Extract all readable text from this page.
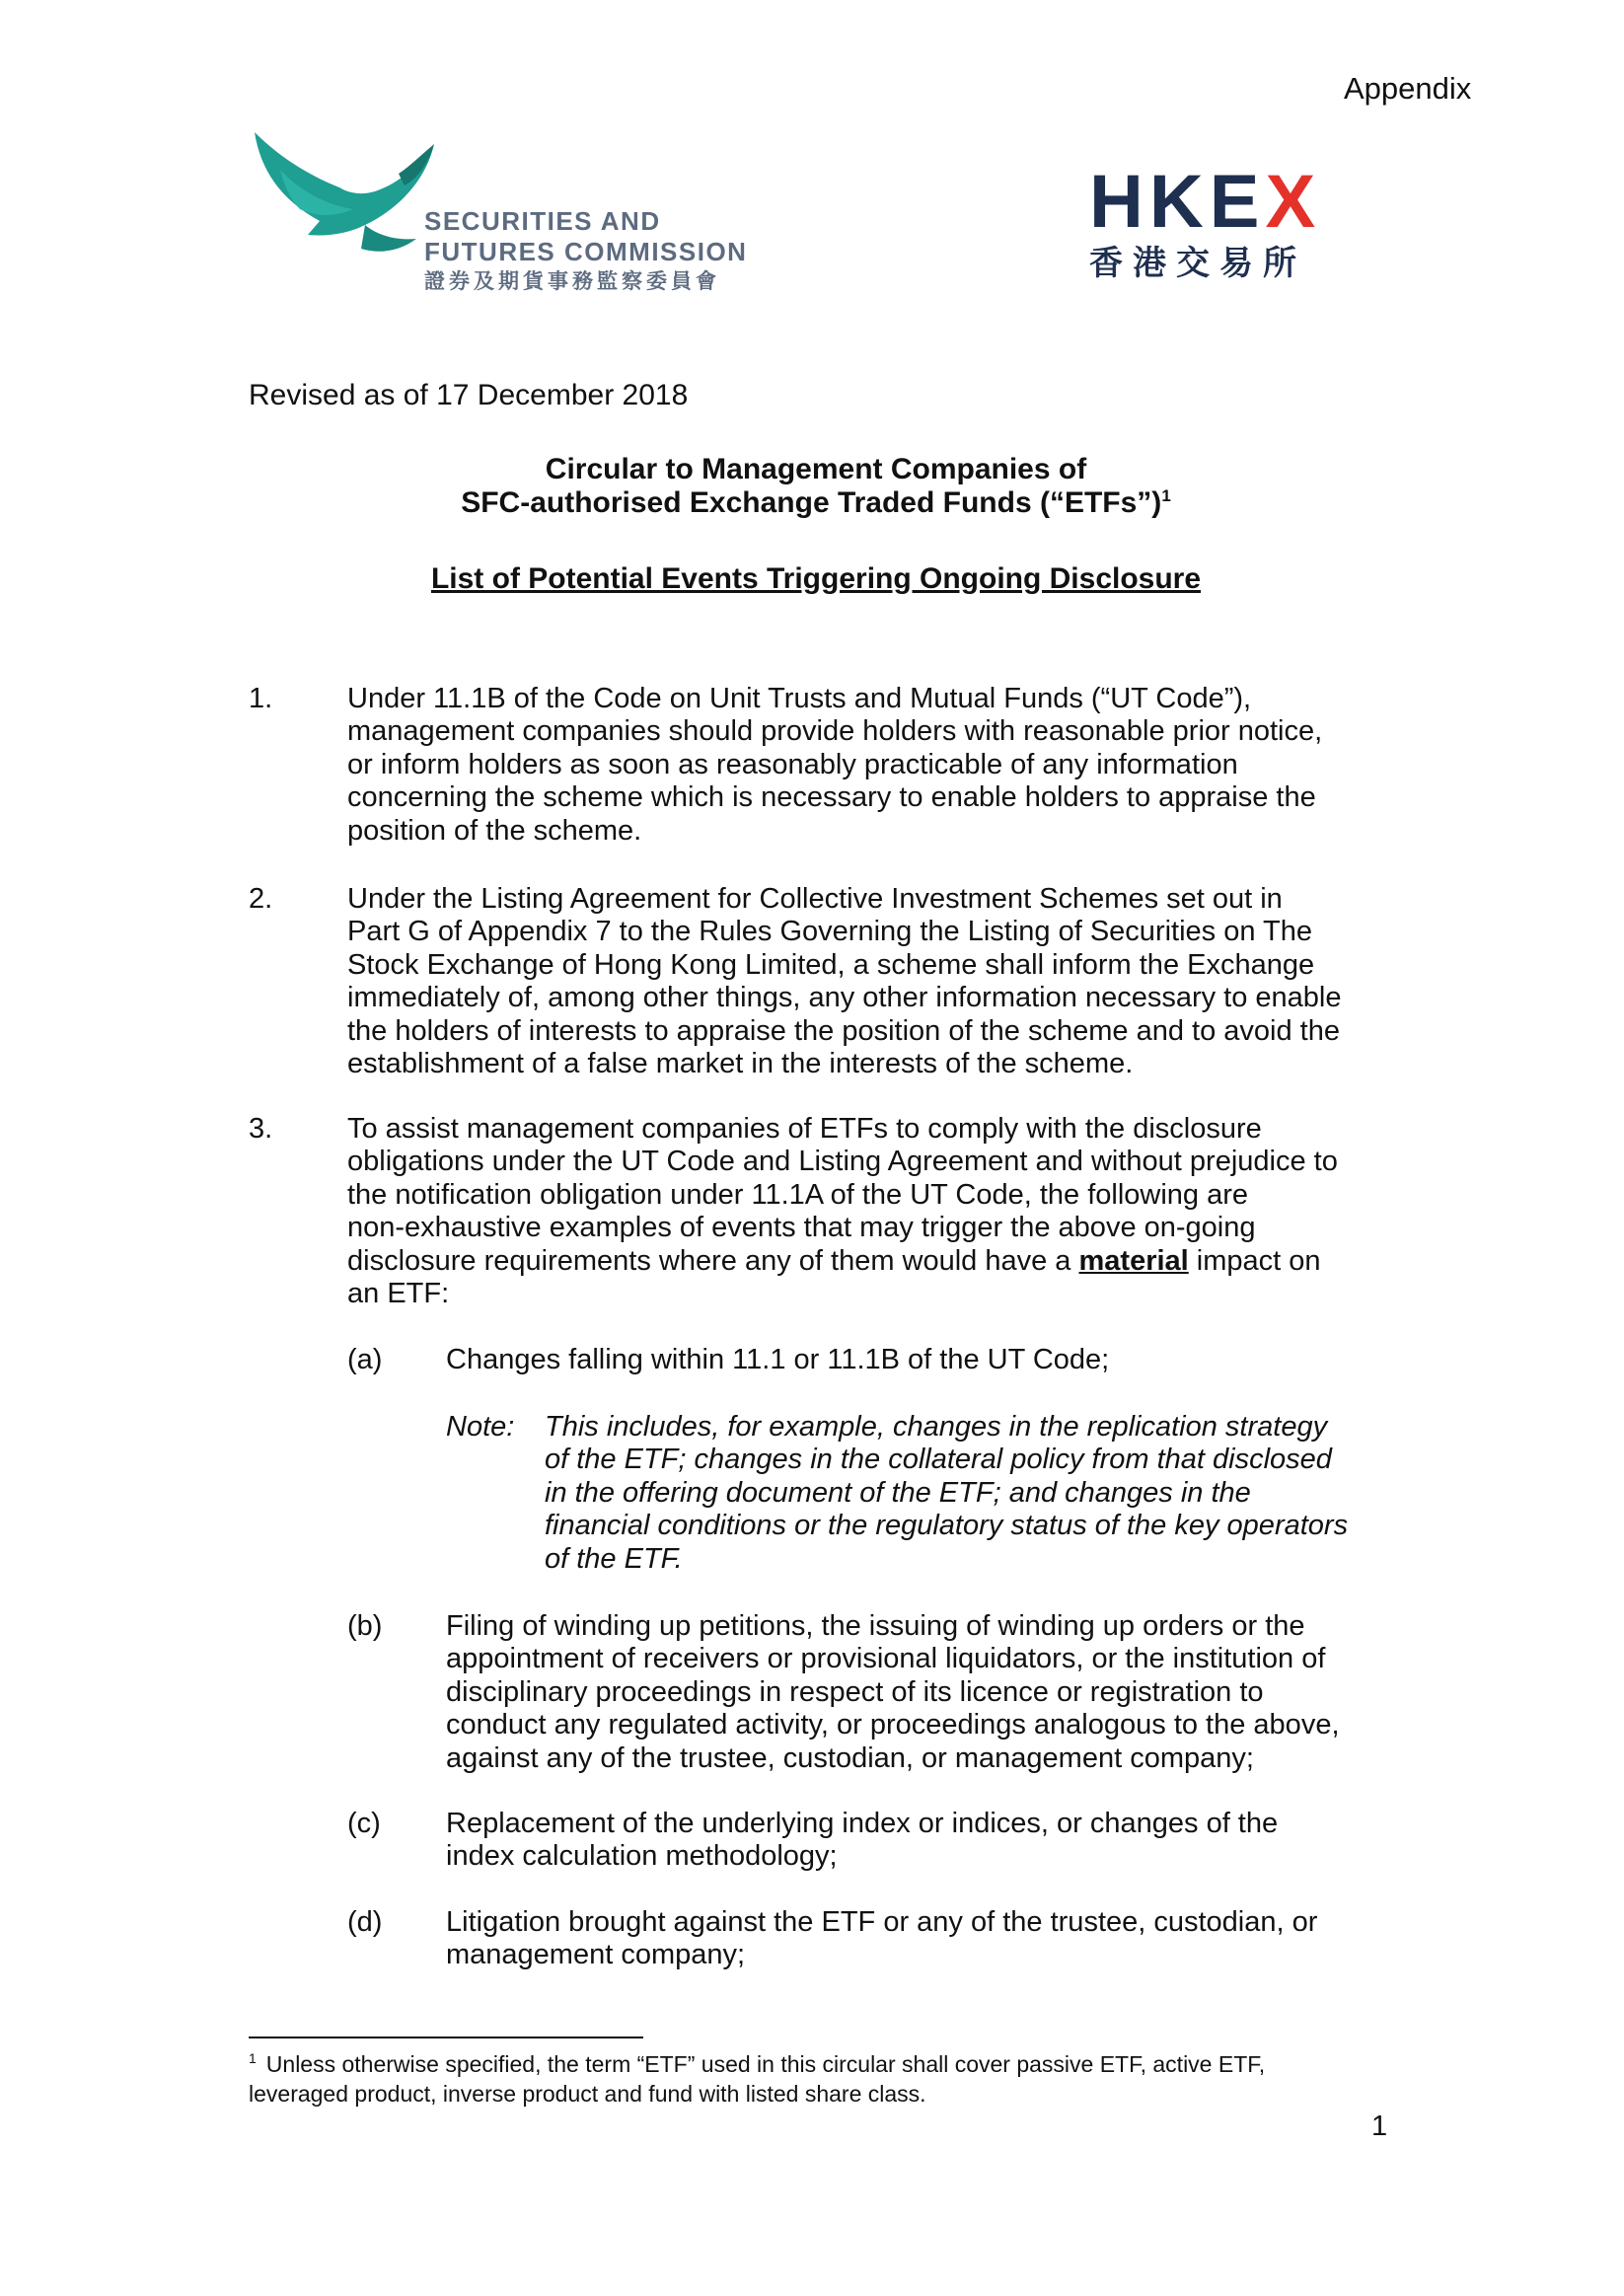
Appendix
SECURITIES AND
FUTURES COMMISSION
證券及期貨事務監察委員會
HKEX
香港交易所
Revised as of 17 December 2018
Circular to Management Companies of
SFC-authorised Exchange Traded Funds (“ETFs”)$^1$
List of Potential Events Triggering Ongoing Disclosure
1.	Under 11.1B of the Code on Unit Trusts and Mutual Funds (“UT Code”),
management companies should provide holders with reasonable prior notice,
or inform holders as soon as reasonably practicable of any information
concerning the scheme which is necessary to enable holders to appraise the
position of the scheme.
2.	Under the Listing Agreement for Collective Investment Schemes set out in
Part G of Appendix 7 to the Rules Governing the Listing of Securities on The
Stock Exchange of Hong Kong Limited, a scheme shall inform the Exchange
immediately of, among other things, any other information necessary to enable
the holders of interests to appraise the position of the scheme and to avoid the
establishment of a false market in the interests of the scheme.
3.	To assist management companies of ETFs to comply with the disclosure
obligations under the UT Code and Listing Agreement and without prejudice to
the notification obligation under 11.1A of the UT Code, the following are
non-exhaustive examples of events that may trigger the above on-going
disclosure requirements where any of them would have a material impact on
an ETF:
(a) Changes falling within 11.1 or 11.1B of the UT Code;
Note: This includes, for example, changes in the replication strategy
of the ETF; changes in the collateral policy from that disclosed
in the offering document of the ETF; and changes in the
financial conditions or the regulatory status of the key operators
of the ETF.
(b) Filing of winding up petitions, the issuing of winding up orders or the
appointment of receivers or provisional liquidators, or the institution of
disciplinary proceedings in respect of its licence or registration to
conduct any regulated activity, or proceedings analogous to the above,
against any of the trustee, custodian, or management company;
(c) Replacement of the underlying index or indices, or changes of the
index calculation methodology;
(d) Litigation brought against the ETF or any of the trustee, custodian, or
management company;
$^1$ Unless otherwise specified, the term “ETF” used in this circular shall cover passive ETF, active ETF,
leveraged product, inverse product and fund with listed share class.
1
